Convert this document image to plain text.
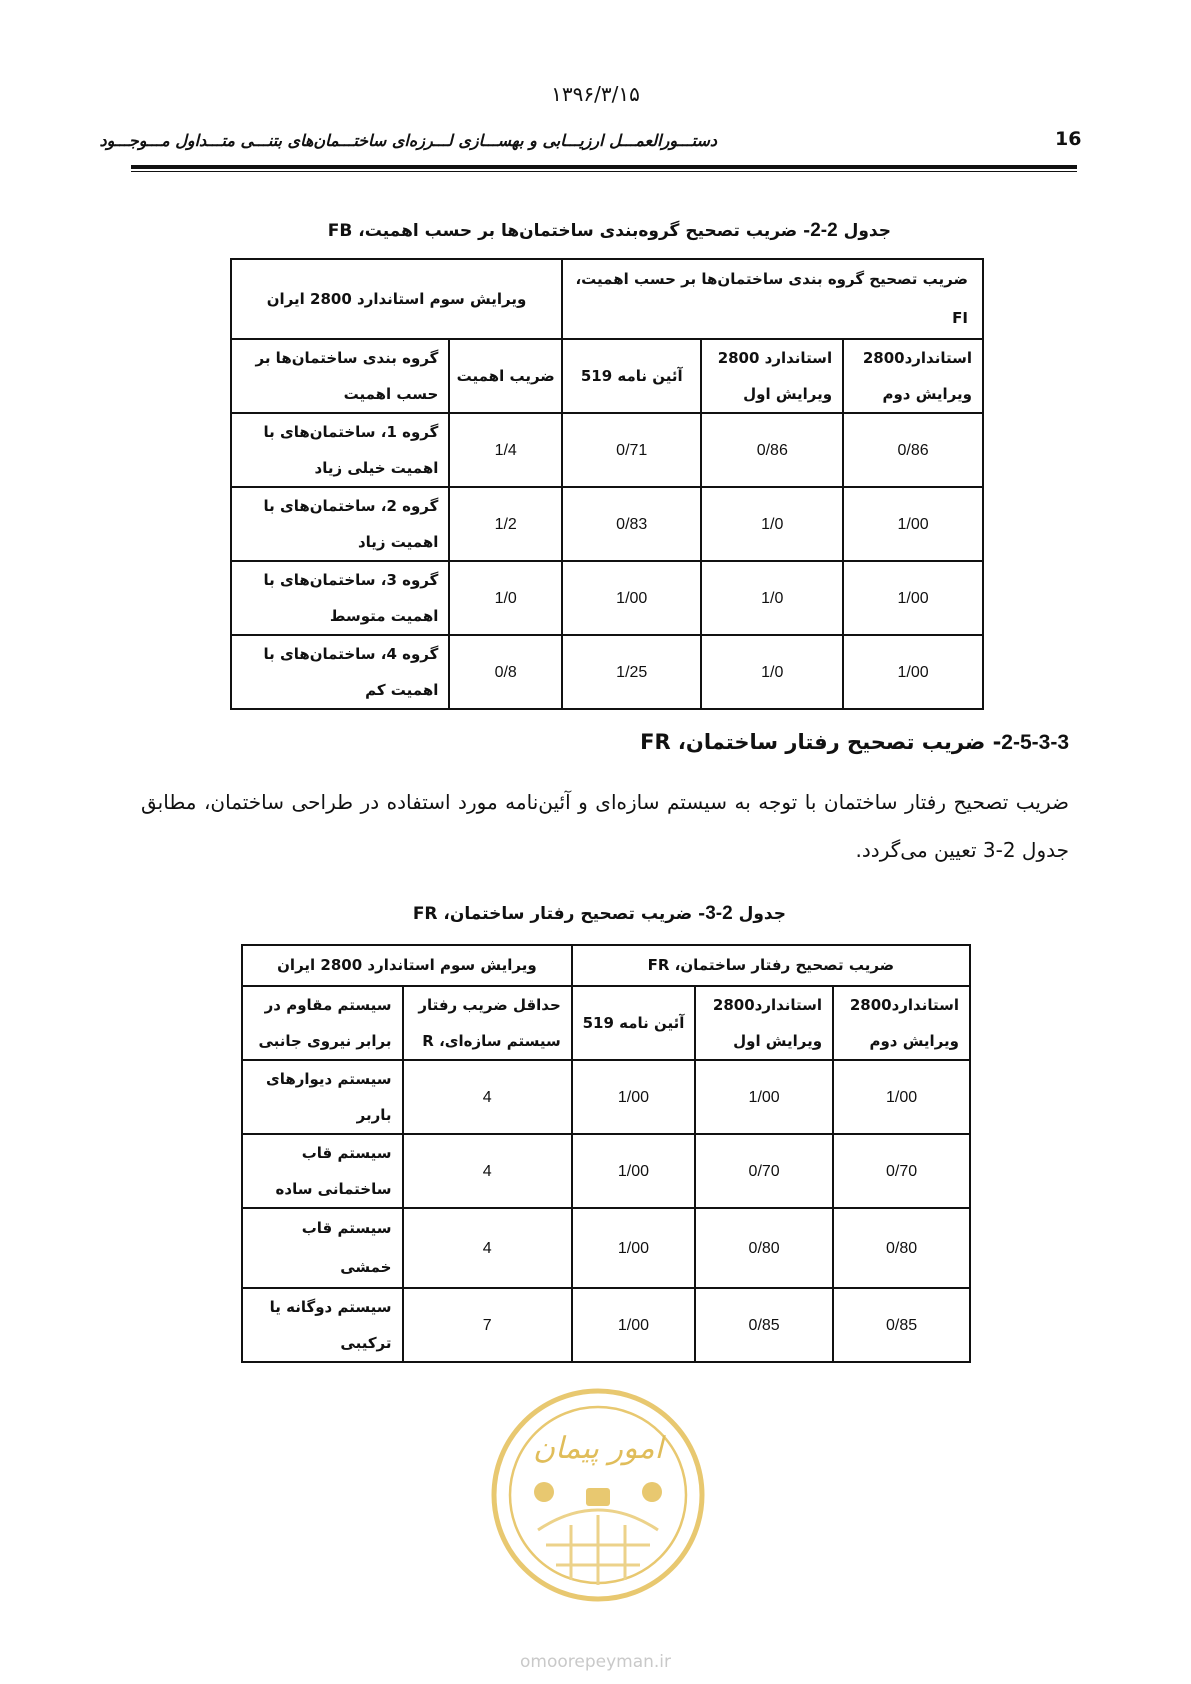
۱۳۹۶/۳/۱۵
16
دستـــورالعمـــل ارزيـــابی و بهســـازی لـــرزه‌ای ساختـــمان‌های بتنـــی متـــداول مـــوجـــود
جدول 2-2- ضريب تصحيح گروه‌بندی ساختمان‌ها بر حسب اهميت، FB
ضریب تصحیح گروه بندی ساختمان‌ها بر حسب اهمیت، FI			ویرایش سوم استاندارد 2800 ایران	
استاندارد2800 ویرایش دوم	استاندارد 2800 ویرایش اول	آئین نامه 519	ضریب اهمیت	گروه بندی ساختمان‌ها بر حسب اهمیت
0/86	0/86	0/71	1/4	گروه 1، ساختمان‌های با اهمیت خیلی زیاد
1/00	1/0	0/83	1/2	گروه 2، ساختمان‌های با اهمیت زیاد
1/00	1/0	1/00	1/0	گروه 3، ساختمان‌های با اهمیت متوسط
1/00	1/0	1/25	0/8	گروه 4، ساختمان‌های با اهمیت کم
2-5-3-3- ضریب تصحیح رفتار ساختمان، FR
ضریب تصحیح رفتار ساختمان با توجه به سیستم سازه‌ای و آئین‌نامه مورد استفاده در طراحی ساختمان، مطابق جدول 2-3 تعیین می‌گردد.
جدول 2-3- ضریب تصحیح رفتار ساختمان، FR
ضریب تصحیح رفتار ساختمان، FR			ویرایش سوم استاندارد 2800 ایران	
استاندارد2800 ویرایش دوم	استاندارد2800 ویرایش اول	آئین نامه 519	حداقل ضریب رفتار سیستم سازه‌ای، R	سیستم مقاوم در برابر نیروی جانبی
1/00	1/00	1/00	4	سیستم دیوارهای باربر
0/70	0/70	1/00	4	سیستم قاب ساختمانی ساده
0/80	0/80	1/00	4	سیستم قاب خمشی
0/85	0/85	1/00	7	سیستم دوگانه یا ترکیبی
امور پیمان
omoorepeyman.ir
